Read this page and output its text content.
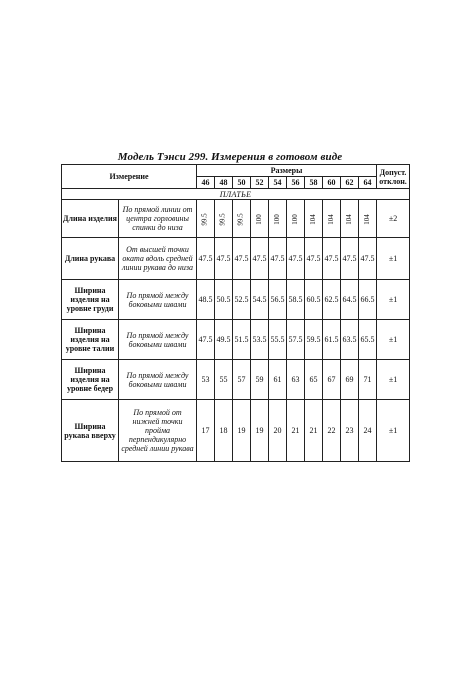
Модель Тэнси 299. Измерения в готовом виде
Измерение		Размеры										Допуст. отклон.
		46	48	50	52	54	56	58	60	62	64	
ПЛАТЬЕ												
Длина изделия	По прямой линии от центра горловины спинки до низа	99.5	99.5	99.5	100	100	100	104	104	104	104	±2
Длина рукава	От высшей точки оката вдоль средней линии рукава до низа	47.5	47.5	47.5	47.5	47.5	47.5	47.5	47.5	47.5	47.5	±1
Ширина изделия на уровне груди	По прямой между боковыми швами	48.5	50.5	52.5	54.5	56.5	58.5	60.5	62.5	64.5	66.5	±1
Ширина изделия на уровне талии	По прямой между боковыми швами	47.5	49.5	51.5	53.5	55.5	57.5	59.5	61.5	63.5	65.5	±1
Ширина изделия на уровне бедер	По прямой между боковыми швами	53	55	57	59	61	63	65	67	69	71	±1
Ширина рукава вверху	По прямой от нижней точки пройма перпендикулярно средней линии рукава	17	18	19	19	20	21	21	22	23	24	±1
